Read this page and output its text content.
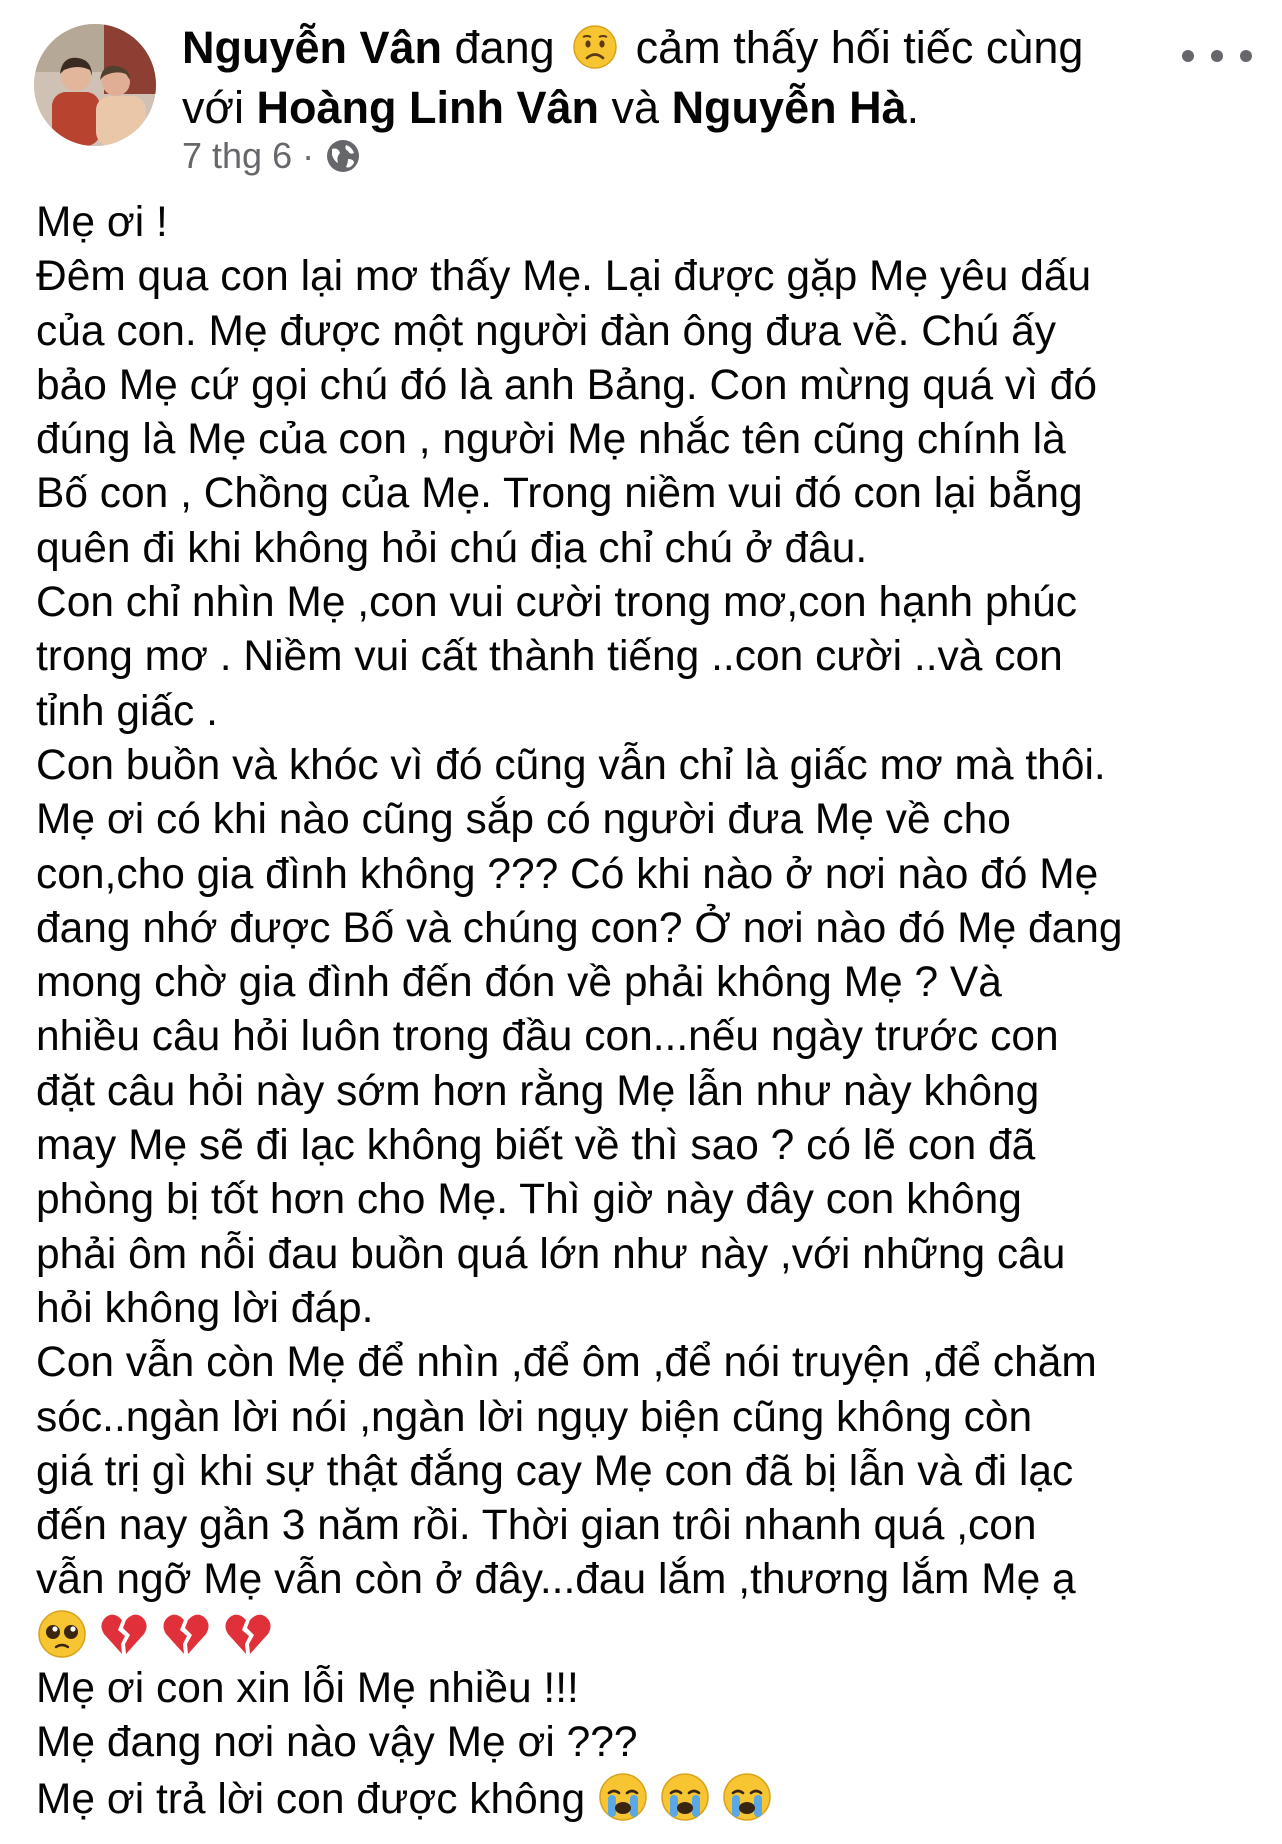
Nguyễn Vân đang  cảm thấy hối tiếc cùng
với Hoàng Linh Vân và Nguyễn Hà.
7 thg 6 ·
Mẹ ơi !
Đêm qua con lại mơ thấy Mẹ. Lại được gặp Mẹ yêu dấu
của con. Mẹ được một người đàn ông đưa về. Chú ấy
bảo Mẹ cứ gọi chú đó là anh Bảng. Con mừng quá vì đó
đúng là Mẹ của con , người Mẹ nhắc tên cũng chính là
Bố con , Chồng của Mẹ. Trong niềm vui đó con lại bẵng
quên đi khi không hỏi chú địa chỉ chú ở đâu.
Con chỉ nhìn Mẹ ,con vui cười trong mơ,con hạnh phúc
trong mơ . Niềm vui cất thành tiếng ..con cười ..và con
tỉnh giấc .
Con buồn và khóc vì đó cũng vẫn chỉ là giấc mơ mà thôi.
Mẹ ơi có khi nào cũng sắp có người đưa Mẹ về cho
con,cho gia đình không ??? Có khi nào ở nơi nào đó Mẹ
đang nhớ được Bố và chúng con? Ở nơi nào đó Mẹ đang
mong chờ gia đình đến đón về phải không Mẹ ? Và
nhiều câu hỏi luôn trong đầu con...nếu ngày trước con
đặt câu hỏi này sớm hơn rằng Mẹ lẫn như này không
may Mẹ sẽ đi lạc không biết về thì sao ? có lẽ con đã
phòng bị tốt hơn cho Mẹ. Thì giờ này đây con không
phải ôm nỗi đau buồn quá lớn như này ,với những câu
hỏi không lời đáp.
Con vẫn còn Mẹ để nhìn ,để ôm ,để nói truyện ,để chăm
sóc..ngàn lời nói ,ngàn lời ngụy biện cũng không còn
giá trị gì khi sự thật đắng cay Mẹ con đã bị lẫn và đi lạc
đến nay gần 3 năm rồi. Thời gian trôi nhanh quá ,con
vẫn ngỡ Mẹ vẫn còn ở đây...đau lắm ,thương lắm Mẹ ạ
Mẹ ơi con xin lỗi Mẹ nhiều !!!
Mẹ đang nơi nào vậy Mẹ ơi ???
Mẹ ơi trả lời con được không
